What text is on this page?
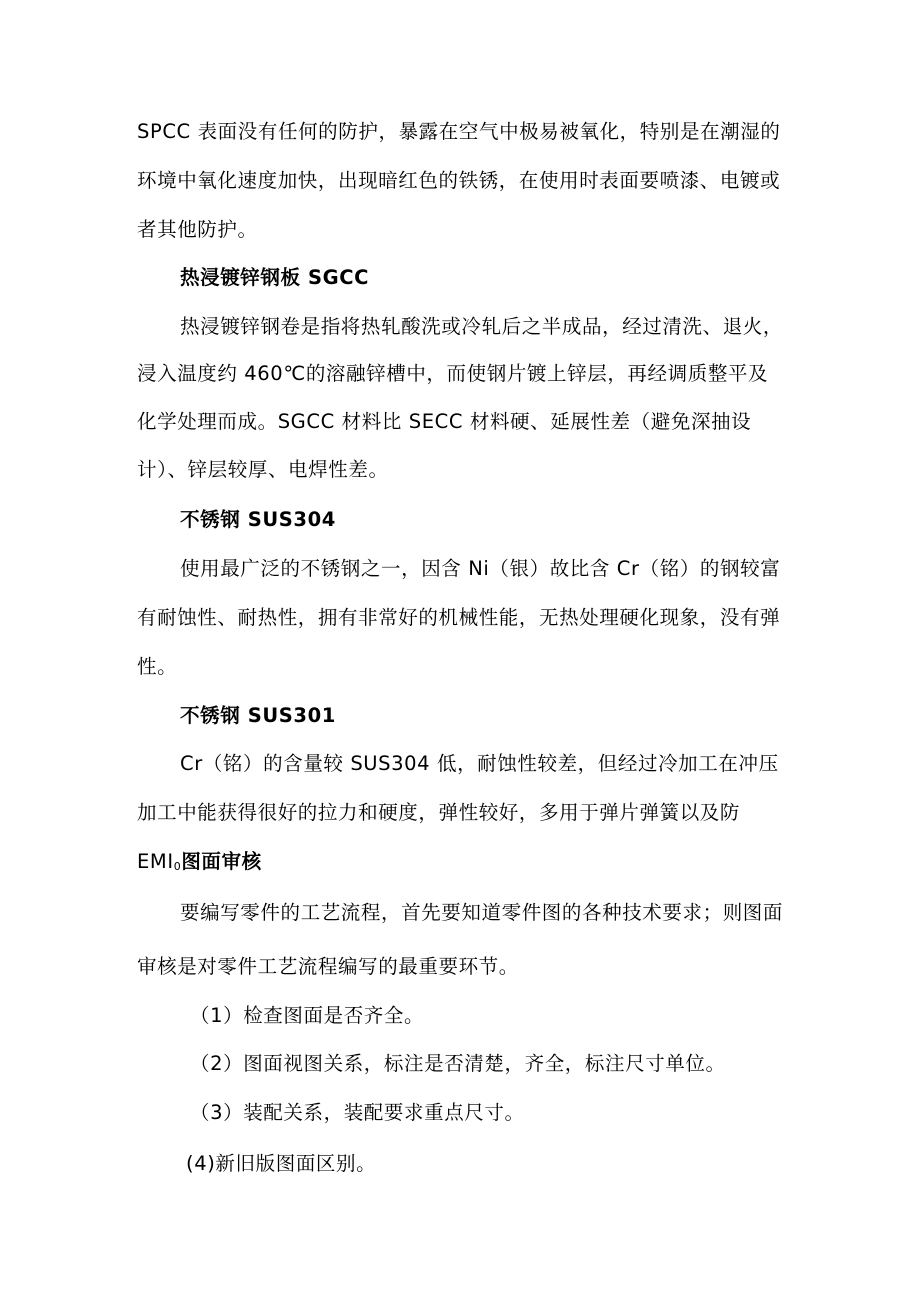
SPCC 表面没有任何的防护，暴露在空气中极易被氧化，特别是在潮湿的
环境中氧化速度加快，出现暗红色的铁锈，在使用时表面要喷漆、电镀或
者其他防护。
热浸镀锌钢板 SGCC
热浸镀锌钢卷是指将热轧酸洗或冷轧后之半成品，经过清洗、退火，
浸入温度约 460℃的溶融锌槽中，而使钢片镀上锌层，再经调质整平及
化学处理而成。SGCC 材料比 SECC 材料硬、延展性差（避免深抽设
计）、锌层较厚、电焊性差。
不锈钢 SUS304
使用最广泛的不锈钢之一，因含 Ni（银）故比含 Cr（铭）的钢较富
有耐蚀性、耐热性，拥有非常好的机械性能，无热处理硬化现象，没有弹
性。
不锈钢 SUS301
Cr（铭）的含量较 SUS304 低，耐蚀性较差，但经过冷加工在冲压
加工中能获得很好的拉力和硬度，弹性较好，多用于弹片弹簧以及防
$EMI_0$图面审核
要编写零件的工艺流程，首先要知道零件图的各种技术要求；则图面
审核是对零件工艺流程编写的最重要环节。
（1）检查图面是否齐全。
（2）图面视图关系，标注是否清楚，齐全，标注尺寸单位。
（3）装配关系，装配要求重点尺寸。
(4)新旧版图面区别。
